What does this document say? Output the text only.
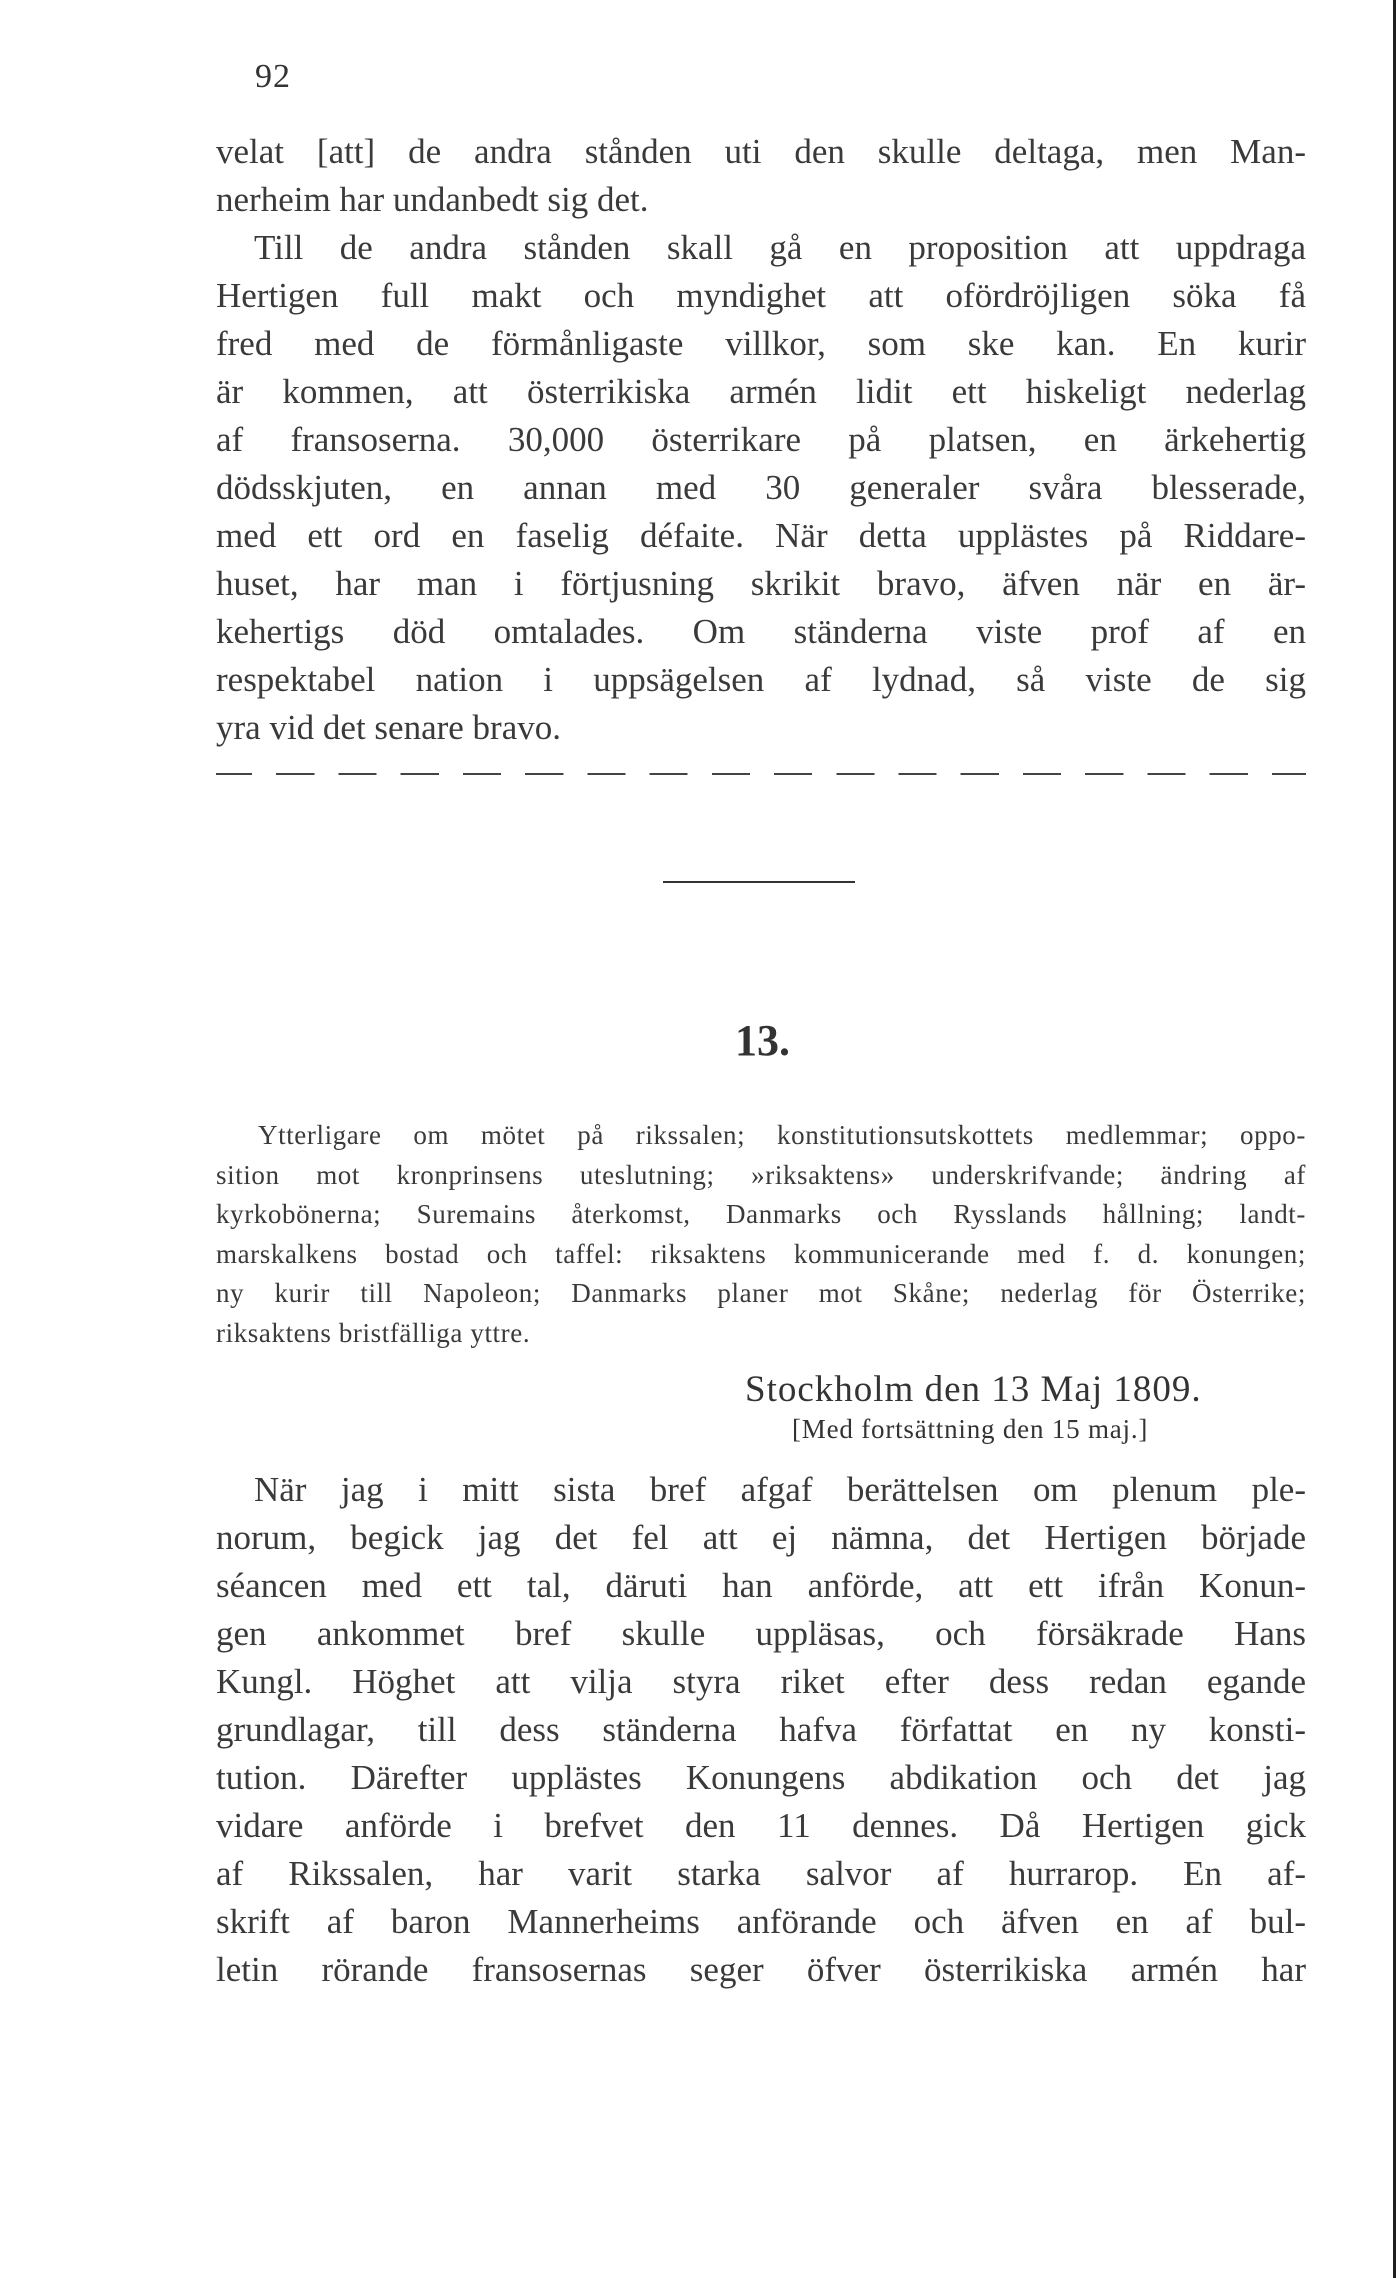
92
velat [att] de andra stånden uti den skulle deltaga, men Man-
nerheim har undanbedt sig det.
Till de andra stånden skall gå en proposition att uppdraga
Hertigen full makt och myndighet att ofördröjligen söka få
fred med de förmånligaste villkor, som ske kan. En kurir
är kommen, att österrikiska armén lidit ett hiskeligt nederlag
af fransoserna. 30,000 österrikare på platsen, en ärkehertig
dödsskjuten, en annan med 30 generaler svåra blesserade,
med ett ord en faselig défaite. När detta upplästes på Riddare-
huset, har man i förtjusning skrikit bravo, äfven när en är-
kehertigs död omtalades. Om ständerna viste prof af en
respektabel nation i uppsägelsen af lydnad, så viste de sig
yra vid det senare bravo.
13.
Ytterligare om mötet på rikssalen; konstitutionsutskottets medlemmar; oppo-
sition mot kronprinsens uteslutning; »riksaktens» underskrifvande; ändring af
kyrkobönerna; Suremains återkomst, Danmarks och Rysslands hållning; landt-
marskalkens bostad och taffel: riksaktens kommunicerande med f. d. konungen;
ny kurir till Napoleon; Danmarks planer mot Skåne; nederlag för Österrike;
riksaktens bristfälliga yttre.
Stockholm den 13 Maj 1809.
[Med fortsättning den 15 maj.]
När jag i mitt sista bref afgaf berättelsen om plenum ple-
norum, begick jag det fel att ej nämna, det Hertigen började
séancen med ett tal, däruti han anförde, att ett ifrån Konun-
gen ankommet bref skulle uppläsas, och försäkrade Hans
Kungl. Höghet att vilja styra riket efter dess redan egande
grundlagar, till dess ständerna hafva författat en ny konsti-
tution. Därefter upplästes Konungens abdikation och det jag
vidare anförde i brefvet den 11 dennes. Då Hertigen gick
af Rikssalen, har varit starka salvor af hurrarop. En af-
skrift af baron Mannerheims anförande och äfven en af bul-
letin rörande fransosernas seger öfver österrikiska armén har
